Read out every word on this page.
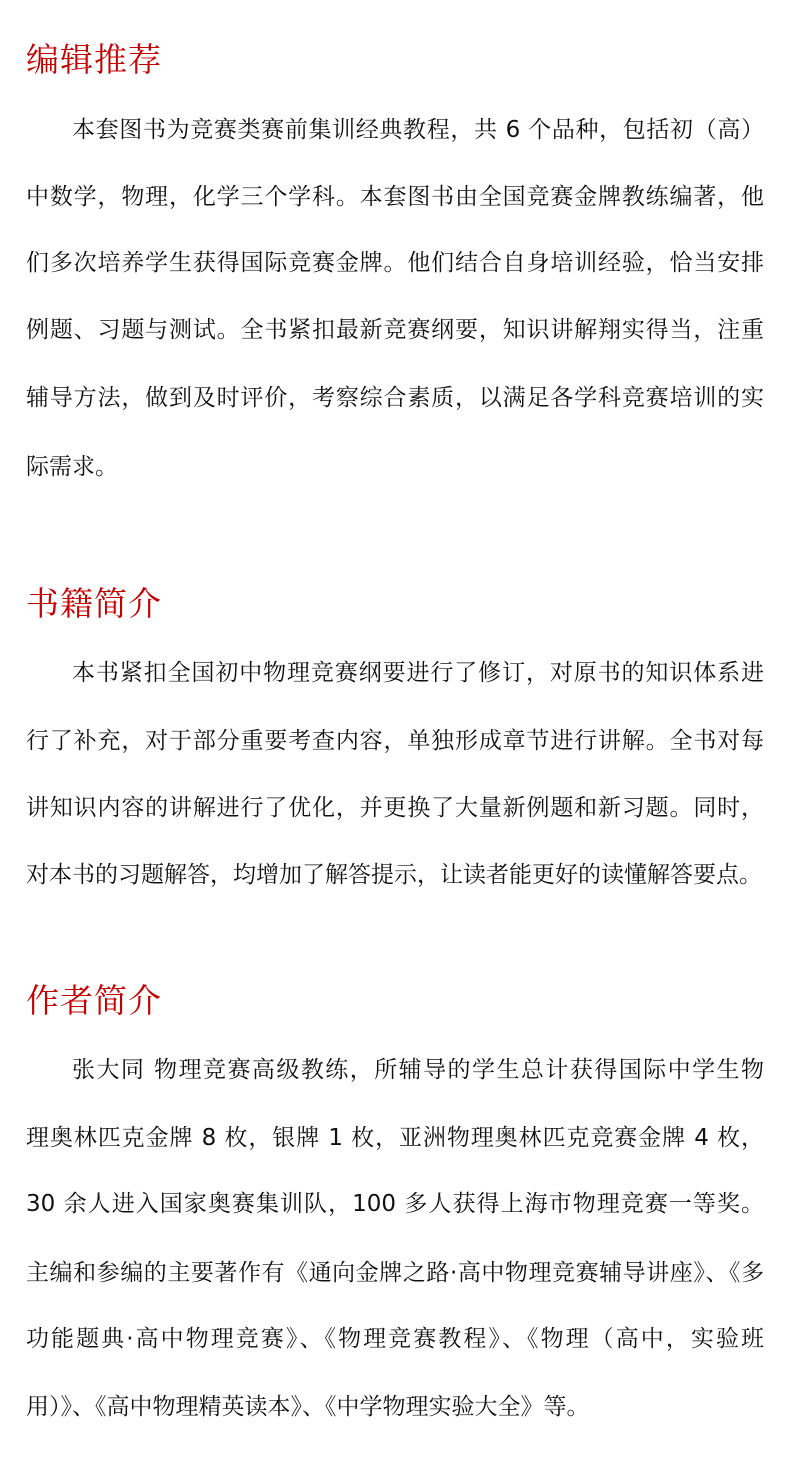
编辑推荐

本套图书为竞赛类赛前集训经典教程，共 6 个品种，包括初（高）

中数学，物理，化学三个学科。本套图书由全国竞赛金牌教练编著，他

们多次培养学生获得国际竞赛金牌。他们结合自身培训经验，恰当安排

例题、习题与测试。全书紧扣最新竞赛纲要，知识讲解翔实得当，注重

辅导方法，做到及时评价，考察综合素质，以满足各学科竞赛培训的实

际需求。

书籍简介

本书紧扣全国初中物理竞赛纲要进行了修订，对原书的知识体系进

行了补充，对于部分重要考查内容，单独形成章节进行讲解。全书对每

讲知识内容的讲解进行了优化，并更换了大量新例题和新习题。同时，

对本书的习题解答，均增加了解答提示，让读者能更好的读懂解答要点。

作者简介

张大同 物理竞赛高级教练，所辅导的学生总计获得国际中学生物

理奥林匹克金牌 8 枚，银牌 1 枚，亚洲物理奥林匹克竞赛金牌 4 枚，

30 余人进入国家奥赛集训队，100 多人获得上海市物理竞赛一等奖。

主编和参编的主要著作有《通向金牌之路·高中物理竞赛辅导讲座》、《多

功能题典·高中物理竞赛》、《物理竞赛教程》、《物理（高中，实验班

用）》、《高中物理精英读本》、《中学物理实验大全》等。
